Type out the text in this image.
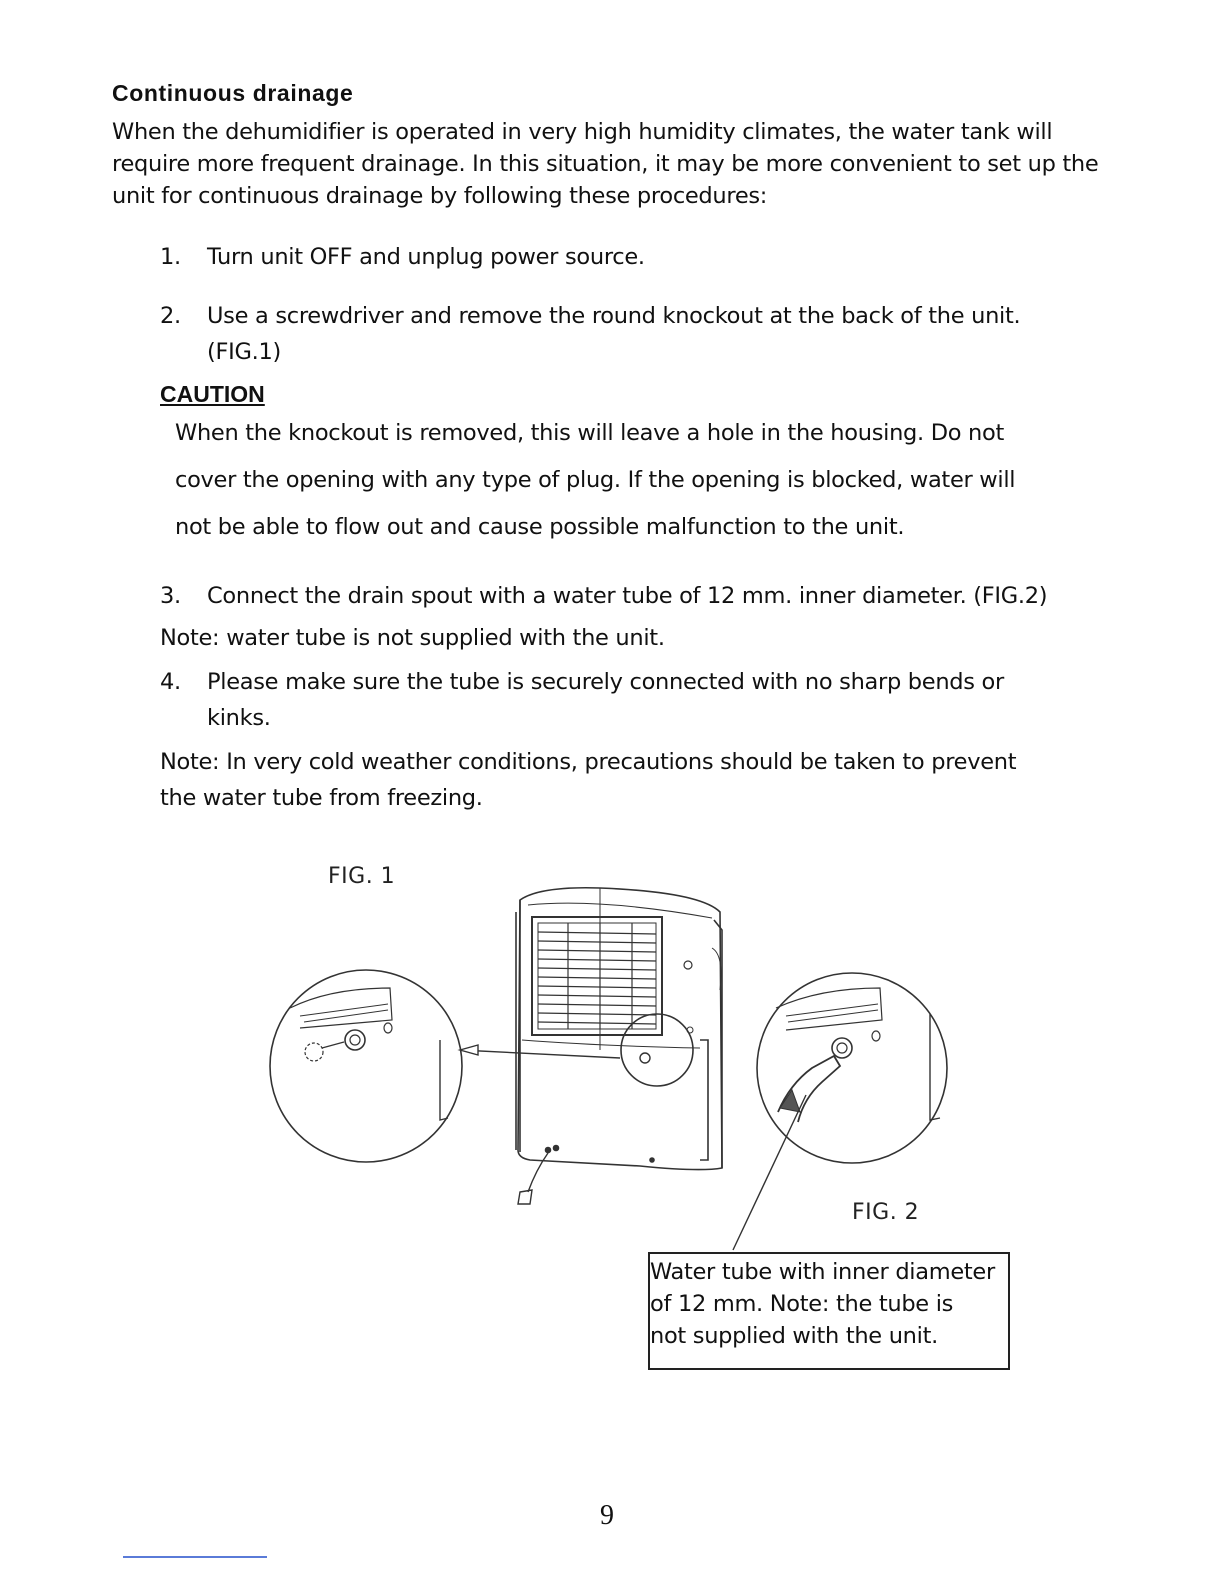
Continuous drainage
When the dehumidifier is operated in very high humidity climates, the water tank will require more frequent drainage. In this situation, it may be more convenient to set up the unit for continuous drainage by following these procedures:
1. Turn unit OFF and unplug power source.
2. Use a screwdriver and remove the round knockout at the back of the unit.
(FIG.1)
CAUTION
When the knockout is removed, this will leave a hole in the housing. Do not
cover the opening with any type of plug. If the opening is blocked, water will
not be able to flow out and cause possible malfunction to the unit.
3. Connect the drain spout with a water tube of 12 mm. inner diameter. (FIG.2)
Note: water tube is not supplied with the unit.
4. Please make sure the tube is securely connected with no sharp bends or
kinks.
Note: In very cold weather conditions, precautions should be taken to prevent
the water tube from freezing.
FIG. 1
FIG. 2
Water tube with inner diameter
of 12 mm. Note: the tube is
not supplied with the unit.
9
